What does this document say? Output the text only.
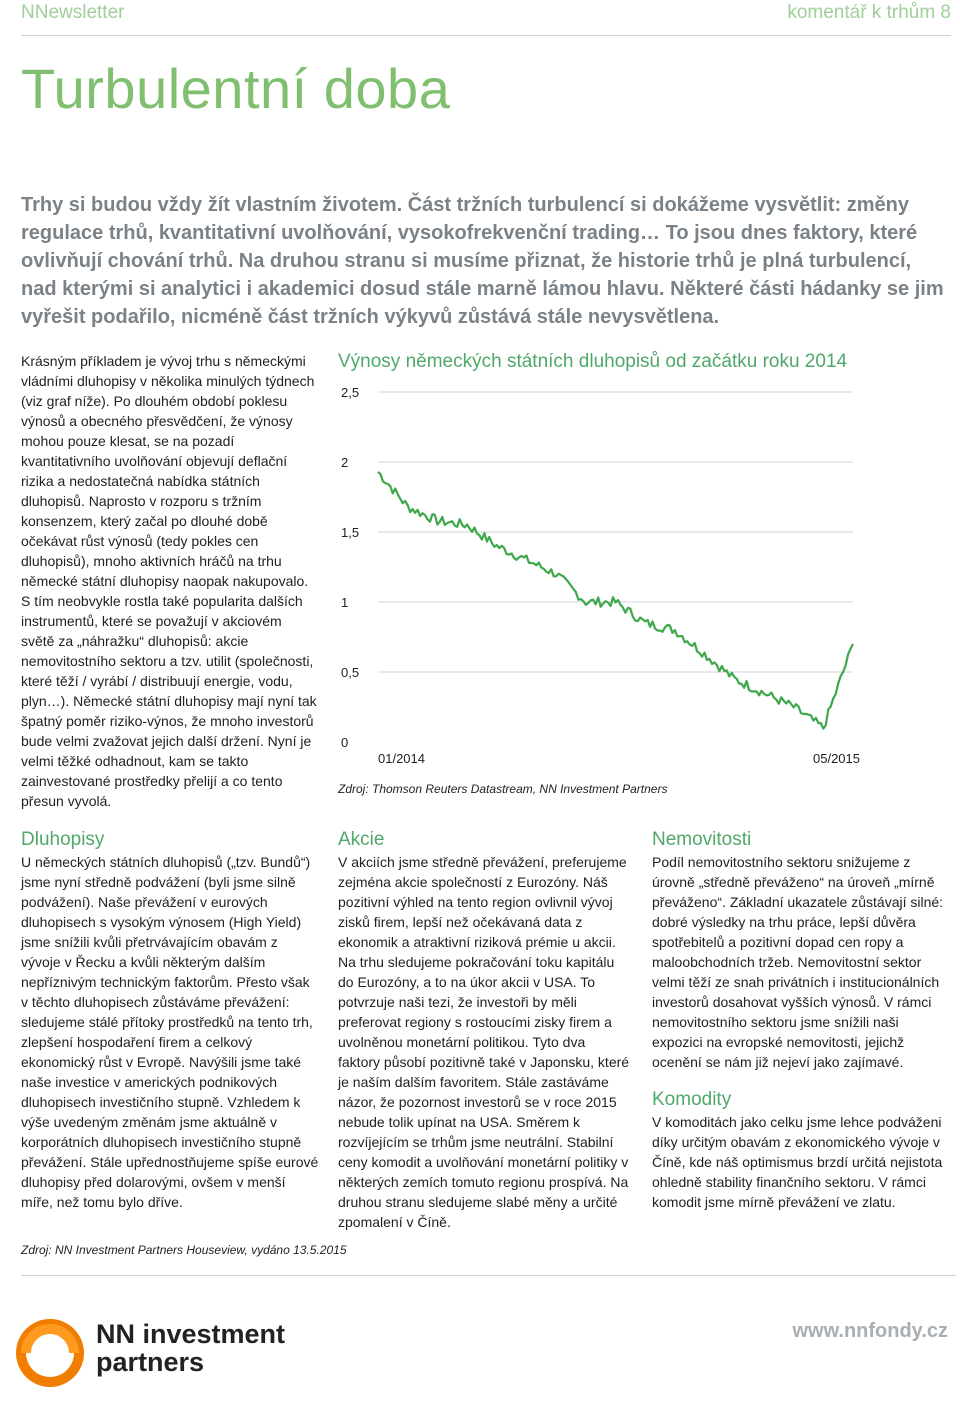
NNewsletter	komentář k trhům 8
Turbulentní doba

Trhy si budou vždy žít vlastním životem. Část tržních turbulencí si dokážeme vysvětlit: změny regulace trhů, kvantitativní uvolňování, vysokofrekvenční trading… To jsou dnes faktory, které ovlivňují chování trhů. Na druhou stranu si musíme přiznat, že historie trhů je plná turbulencí, nad kterými si analytici i akademici dosud stále marně lámou hlavu. Některé části hádanky se jim vyřešit podařilo, nicméně část tržních výkyvů zůstává stále nevysvětlena.

Krásným příkladem je vývoj trhu s německými vládními dluhopisy v několika minulých týdnech (viz graf níže). Po dlouhém období poklesu výnosů a obecného přesvědčení, že výnosy mohou pouze klesat, se na pozadí kvantitativního uvolňování objevují deflační rizika a nedostatečná nabídka státních dluhopisů. Naprosto v rozporu s tržním konsenzem, který začal po dlouhé době očekávat růst výnosů (tedy pokles cen dluhopisů), mnoho aktivních hráčů na trhu německé státní dluhopisy naopak nakupovalo. S tím neobvykle rostla také popularita dalších instrumentů, které se považují v akciovém světě za „náhražku“ dluhopisů: akcie nemovitostního sektoru a tzv. utilit (společnosti, které těží / vyrábí / distribuují energie, vodu, plyn…). Německé státní dluhopisy mají nyní tak špatný poměr riziko-výnos, že mnoho investorů bude velmi zvažovat jejich další držení. Nyní je velmi těžké odhadnout, kam se takto zainvestované prostředky přelijí a co tento přesun vyvolá.

Výnosy německých státních dluhopisů od začátku roku 2014
2,5
2
1,5
1
0,5
0
01/2014	05/2015
Zdroj: Thomson Reuters Datastream, NN Investment Partners
Dluhopisy

U německých státních dluhopisů („tzv. Bundů“) jsme nyní středně podvážení (byli jsme silně podvážení). Naše převážení v eurových dluhopisech s vysokým výnosem (High Yield) jsme snížili kvůli přetrvávajícím obavám z vývoje v Řecku a kvůli některým dalším nepříznivým technickým faktorům. Přesto však v těchto dluhopisech zůstáváme převážení: sledujeme stálé přítoky prostředků na tento trh, zlepšení hospodaření firem a celkový ekonomický růst v Evropě. Navýšili jsme také naše investice v amerických podnikových dluhopisech investičního stupně. Vzhledem k výše uvedeným změnám jsme aktuálně v korporátních dluhopisech investičního stupně převážení. Stále upřednostňujeme spíše eurové dluhopisy před dolarovými, ovšem v menší míře, než tomu bylo dříve.

Akcie

V akciích jsme středně převážení, preferujeme zejména akcie společností z Eurozóny. Náš pozitivní výhled na tento region ovlivnil vývoj zisků firem, lepší než očekávaná data z ekonomik a atraktivní riziková prémie u akcii. Na trhu sledujeme pokračování toku kapitálu do Eurozóny, a to na úkor akcii v USA. To potvrzuje naši tezi, že investoři by měli preferovat regiony s rostoucími zisky firem a uvolněnou monetární politikou. Tyto dva faktory působí pozitivně také v Japonsku, které je naším dalším favoritem. Stále zastáváme názor, že pozornost investorů se v roce 2015 nebude tolik upínat na USA. Směrem k rozvíjejícím se trhům jsme neutrální. Stabilní ceny komodit a uvolňování monetární politiky v některých zemích tomuto regionu prospívá. Na druhou stranu sledujeme slabé měny a určité zpomalení v Číně.

Nemovitosti

Podíl nemovitostního sektoru snižujeme z úrovně „středně převáženo“ na úroveň „mírně převáženo“. Základní ukazatele zůstávají silné: dobré výsledky na trhu práce, lepší důvěra spotřebitelů a pozitivní dopad cen ropy a maloobchodních tržeb. Nemovitostní sektor velmi těží ze snah privátních i institucionálních investorů dosahovat vyšších výnosů. V rámci nemovitostního sektoru jsme snížili naši expozici na evropské nemovitosti, jejichž ocenění se nám již nejeví jako zajímavé.

Komodity

V komoditách jako celku jsme lehce podváženi díky určitým obavám z ekonomického vývoje v Číně, kde náš optimismus brzdí určitá nejistota ohledně stability finančního sektoru. V rámci komodit jsme mírně převážení ve zlatu.

Zdroj: NN Investment Partners Houseview, vydáno 13.5.2015

NN investment
partners

www.nnfondy.cz
